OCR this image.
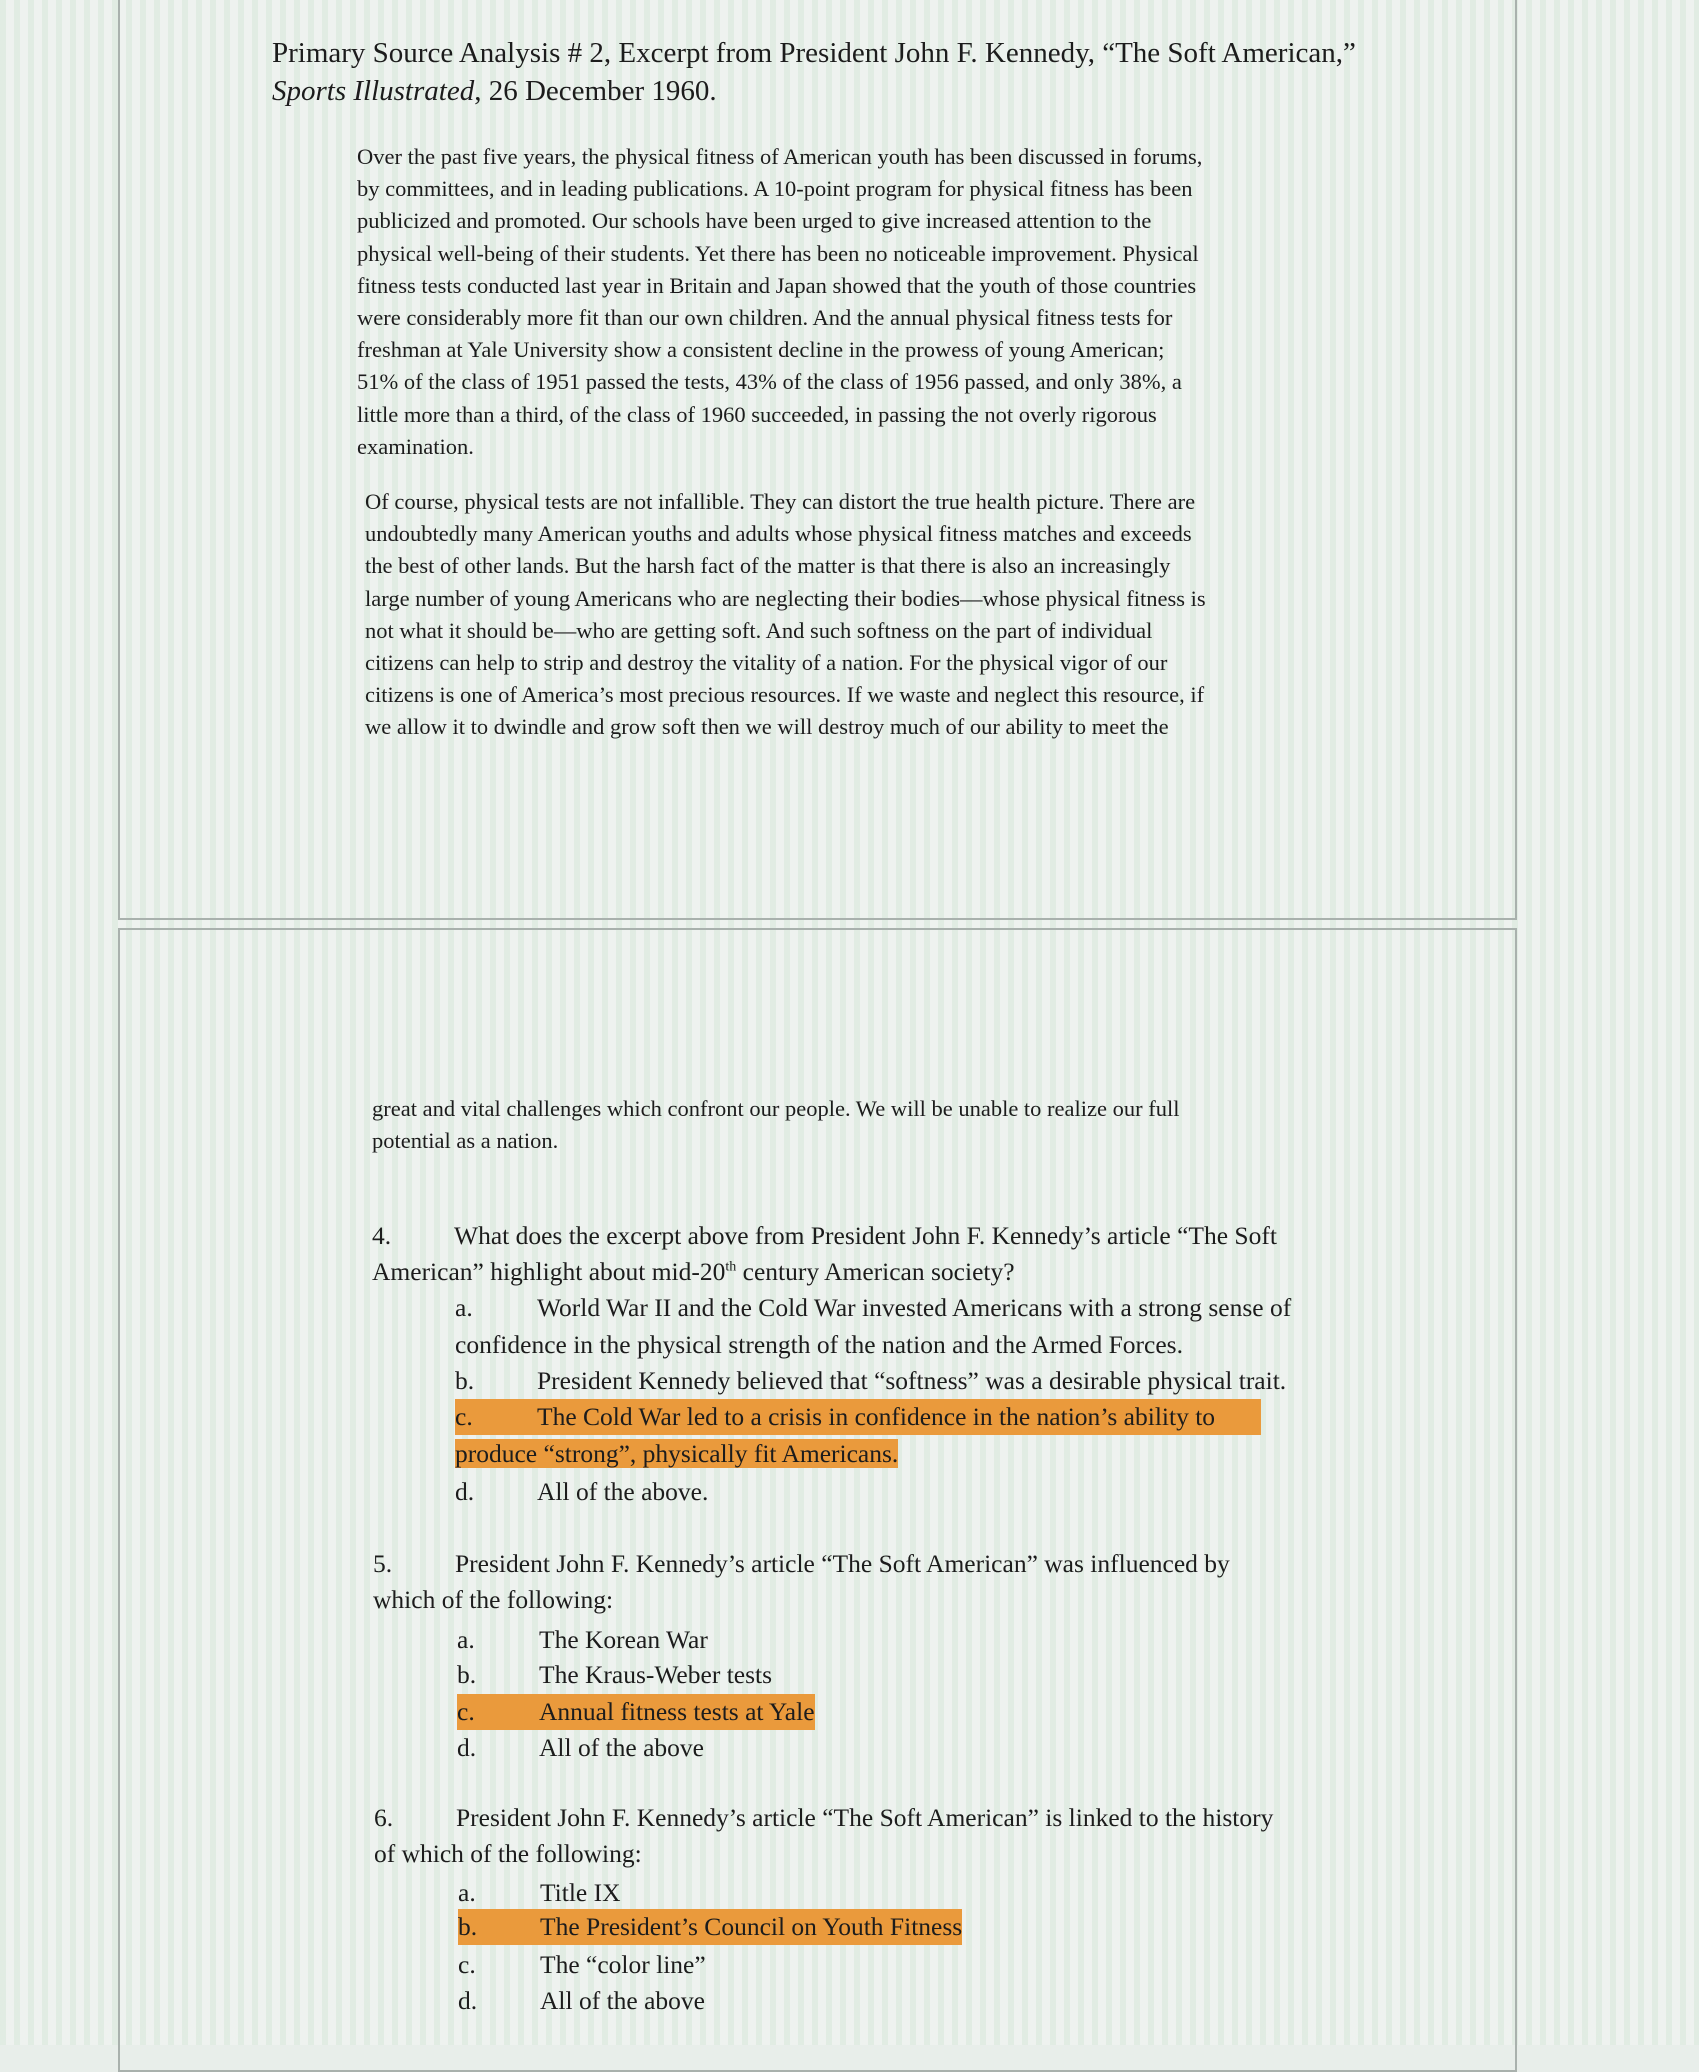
Primary Source Analysis # 2, Excerpt from President John F. Kennedy, “The Soft American,”
Sports Illustrated, 26 December 1960.
Over the past five years, the physical fitness of American youth has been discussed in forums,
by committees, and in leading publications. A 10-point program for physical fitness has been
publicized and promoted. Our schools have been urged to give increased attention to the
physical well-being of their students. Yet there has been no noticeable improvement. Physical
fitness tests conducted last year in Britain and Japan showed that the youth of those countries
were considerably more fit than our own children. And the annual physical fitness tests for
freshman at Yale University show a consistent decline in the prowess of young American;
51% of the class of 1951 passed the tests, 43% of the class of 1956 passed, and only 38%, a
little more than a third, of the class of 1960 succeeded, in passing the not overly rigorous
examination.
Of course, physical tests are not infallible. They can distort the true health picture. There are
undoubtedly many American youths and adults whose physical fitness matches and exceeds
the best of other lands. But the harsh fact of the matter is that there is also an increasingly
large number of young Americans who are neglecting their bodies—whose physical fitness is
not what it should be—who are getting soft. And such softness on the part of individual
citizens can help to strip and destroy the vitality of a nation. For the physical vigor of our
citizens is one of America’s most precious resources. If we waste and neglect this resource, if
we allow it to dwindle and grow soft then we will destroy much of our ability to meet the
great and vital challenges which confront our people. We will be unable to realize our full
potential as a nation.
4. What does the excerpt above from President John F. Kennedy’s article “The Soft
American” highlight about mid-20th century American society?
a.	World War II and the Cold War invested Americans with a strong sense of
confidence in the physical strength of the nation and the Armed Forces.
b. President Kennedy believed that “softness” was a desirable physical trait.
c.	The Cold War led to a crisis in confidence in the nation’s ability to
produce “strong”, physically fit Americans.
d. All of the above.
5. President John F. Kennedy’s article “The Soft American” was influenced by
which of the following:
a.	The Korean War
b. The Kraus-Weber tests
c.	Annual fitness tests at Yale
d. All of the above
6. President John F. Kennedy’s article “The Soft American” is linked to the history
of which of the following:
a.	Title IX
b. The President’s Council on Youth Fitness
c.	The “color line”
d. All of the above
